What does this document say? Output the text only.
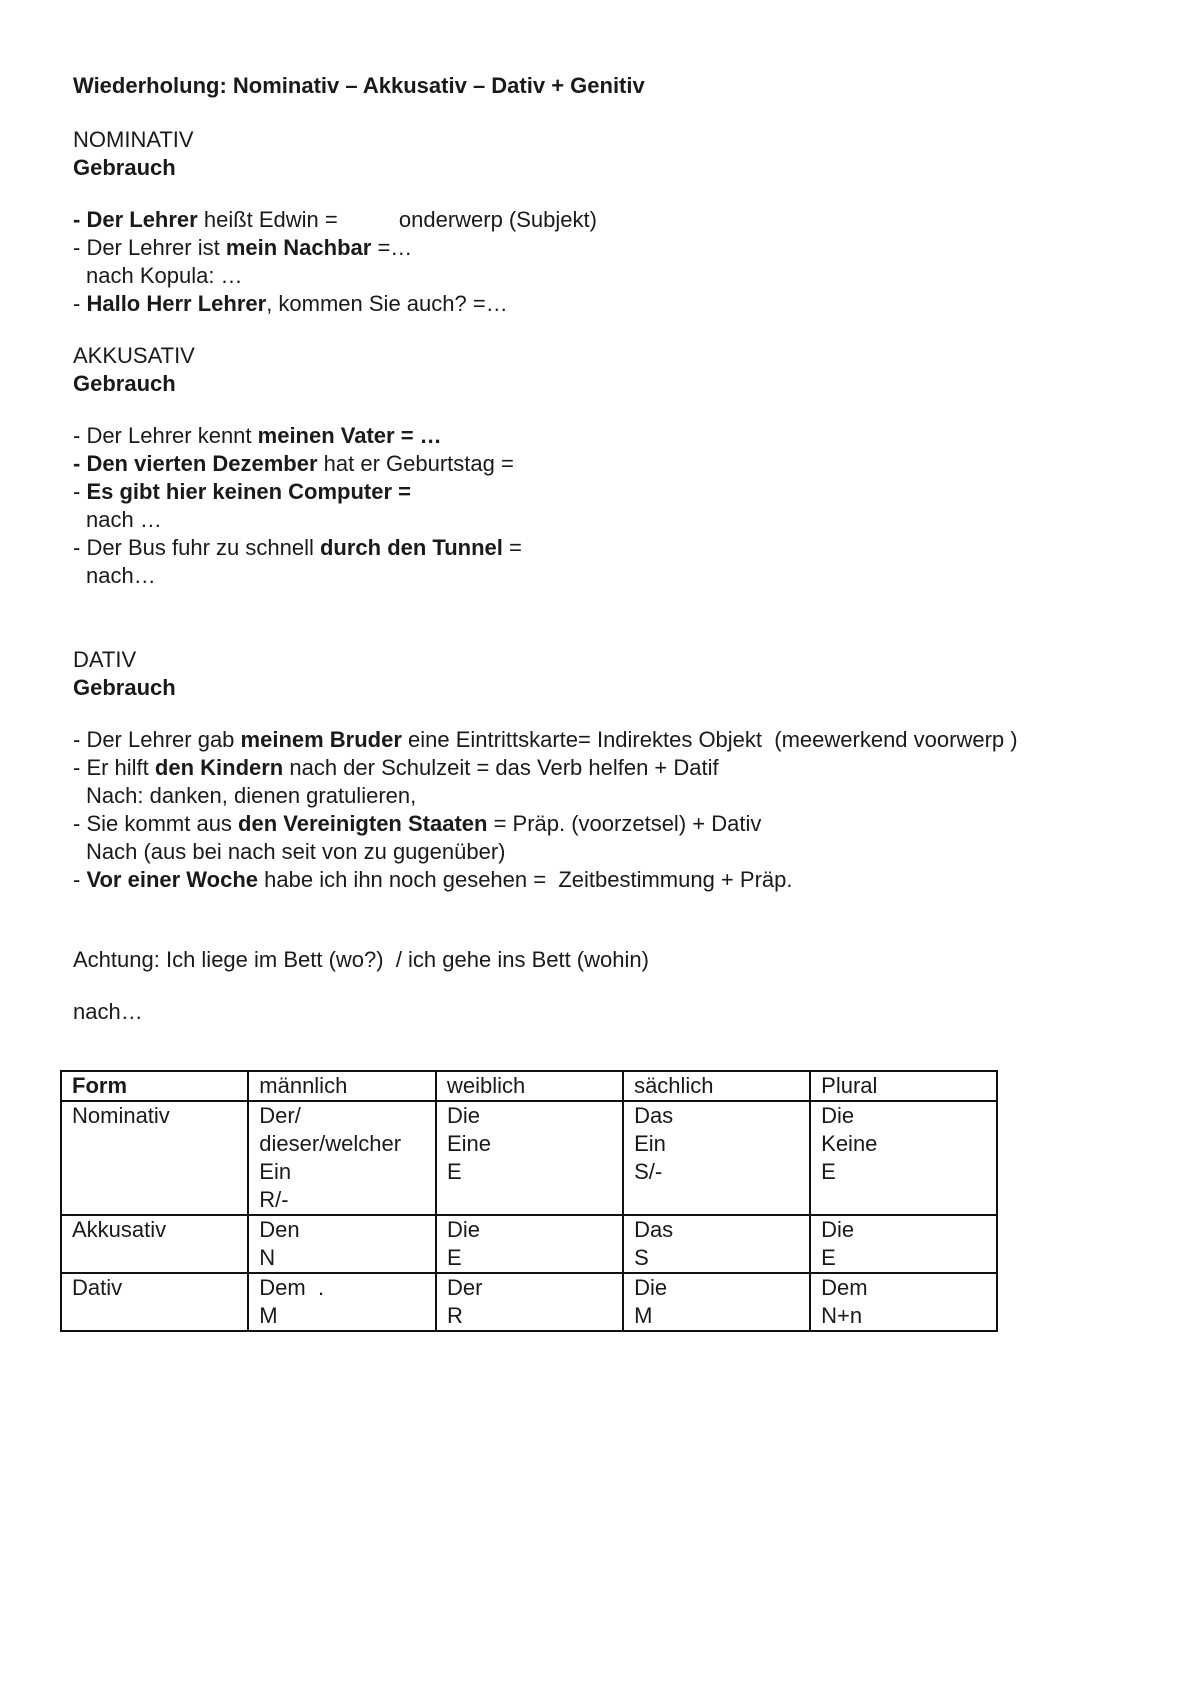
Wiederholung: Nominativ – Akkusativ – Dativ + Genitiv

NOMINATIV

Gebrauch

- Der Lehrer heißt Edwin =          onderwerp (Subjekt)

- Der Lehrer ist mein Nachbar =…

nach Kopula: …

- Hallo Herr Lehrer, kommen Sie auch? =…

AKKUSATIV

Gebrauch

- Der Lehrer kennt meinen Vater = …

- Den vierten Dezember hat er Geburtstag =

- Es gibt hier keinen Computer =

nach …

- Der Bus fuhr zu schnell durch den Tunnel =

nach…

DATIV

Gebrauch

- Der Lehrer gab meinem Bruder eine Eintrittskarte= Indirektes Objekt  (meewerkend voorwerp )

- Er hilft den Kindern nach der Schulzeit = das Verb helfen + Datif

Nach: danken, dienen gratulieren,

- Sie kommt aus den Vereinigten Staaten = Präp. (voorzetsel) + Dativ

Nach (aus bei nach seit von zu gugenüber)

- Vor einer Woche habe ich ihn noch gesehen =  Zeitbestimmung + Präp.

Achtung: Ich liege im Bett (wo?)  / ich gehe ins Bett (wohin)

nach…

Form	männlich	weiblich	sächlich	Plural
Nominativ	Der/
dieser/welcher
Ein
R/-	Die
Eine
E	Das
Ein
S/-	Die
Keine
E

Akkusativ	Den
N	Die
E	Das
S	Die
E

Dativ	Dem  .
M	Der
R	Die
M	Dem
N+n
